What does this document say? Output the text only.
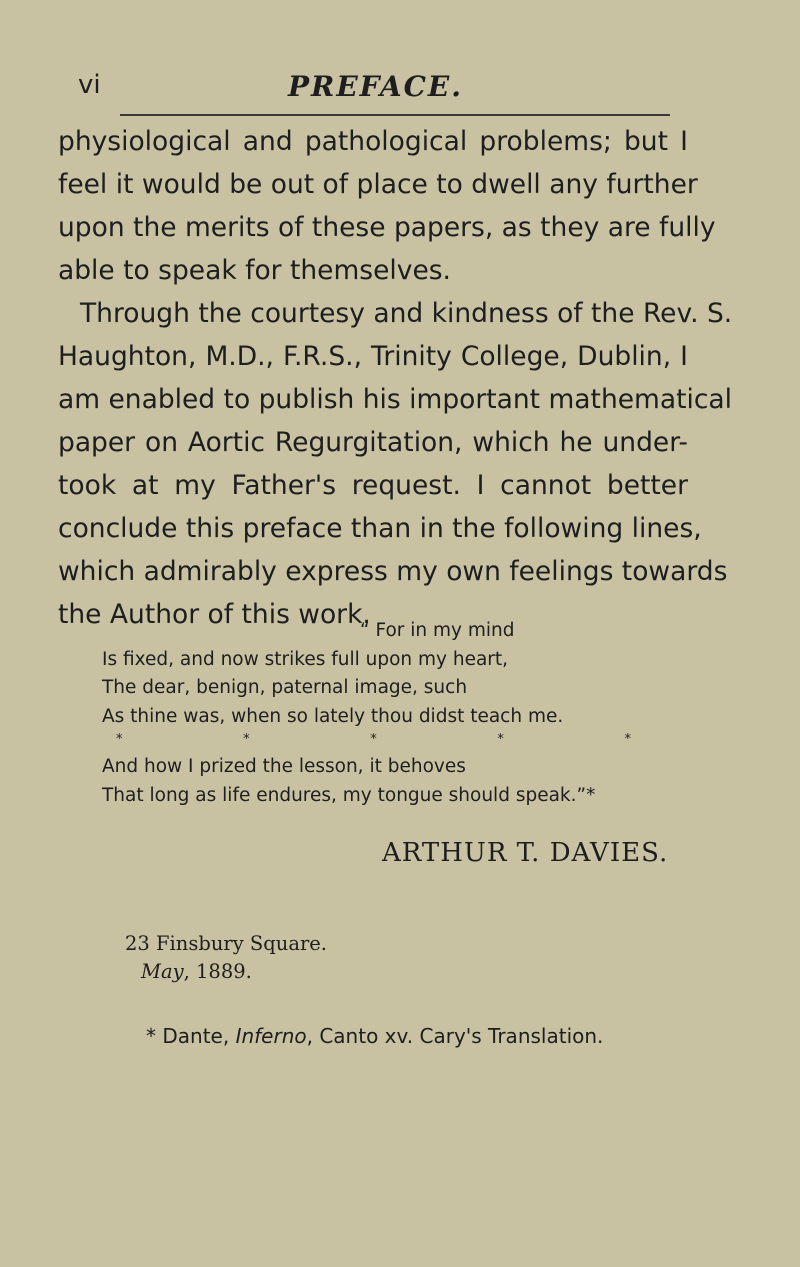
vi	PREFACE.
physiological and pathological problems; but I
feel it would be out of place to dwell any further
upon the merits of these papers, as they are fully
able to speak for themselves.
Through the courtesy and kindness of the Rev. S.
Haughton, M.D., F.R.S., Trinity College, Dublin, I
am enabled to publish his important mathematical
paper on Aortic Regurgitation, which he under-
took at my Father's request. I cannot better
conclude this preface than in the following lines,
which admirably express my own feelings towards
the Author of this work.
“ For in my mind
Is fixed, and now strikes full upon my heart,
The dear, benign, paternal image, such
As thine was, when so lately thou didst teach me.
*	*	*	*	*
And how I prized the lesson, it behoves
That long as life endures, my tongue should speak.”*
ARTHUR T. DAVIES.
23 Finsbury Square.
May, 1889.
* Dante, Inferno, Canto xv. Cary's Translation.
